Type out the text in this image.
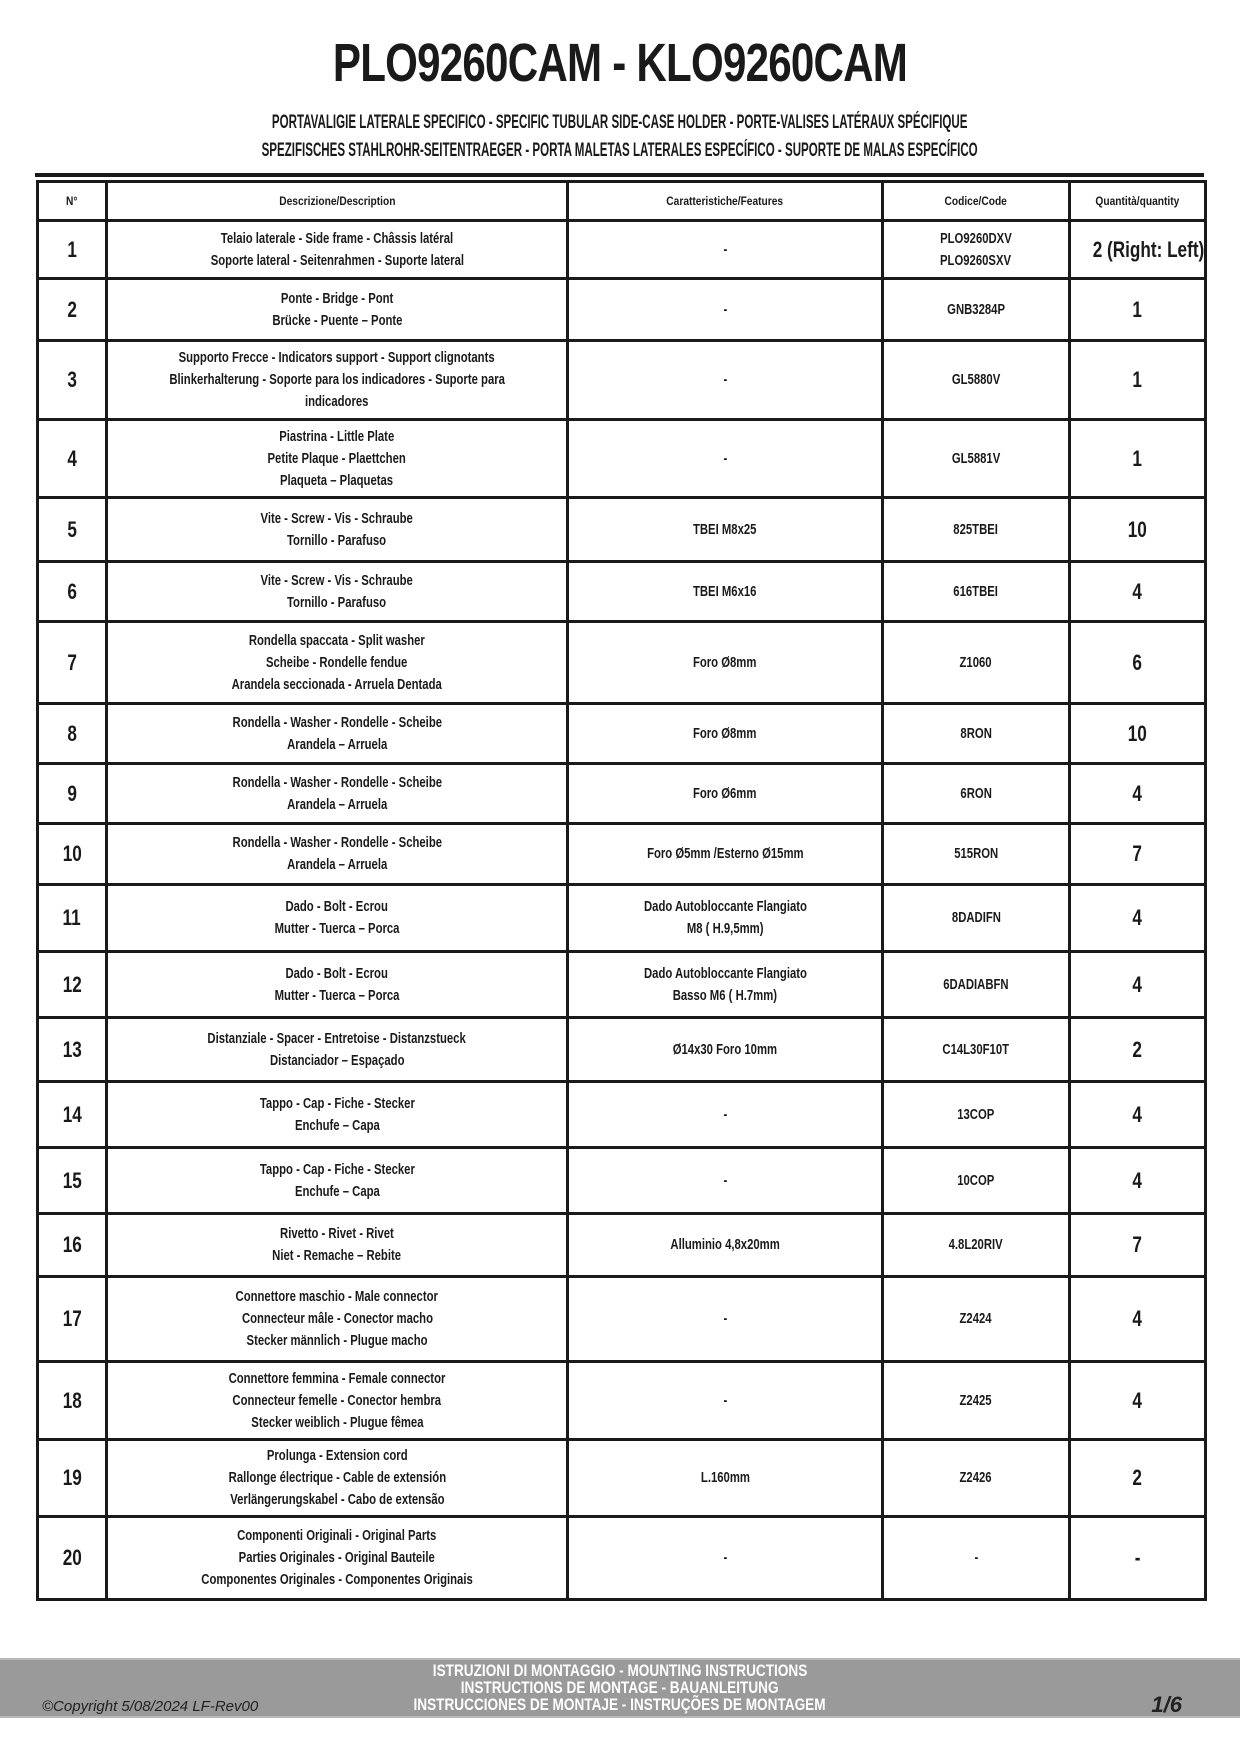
PLO9260CAM - KLO9260CAM
PORTAVALIGIE LATERALE SPECIFICO - SPECIFIC TUBULAR SIDE-CASE HOLDER - PORTE-VALISES LATÉRAUX SPÉCIFIQUE
SPEZIFISCHES STAHLROHR-SEITENTRAEGER - PORTA MALETAS LATERALES ESPECÍFICO - SUPORTE DE MALAS ESPECÍFICO
N°	Descrizione/Description	Caratteristiche/Features	Codice/Code	Quantità/quantity
1	Telaio laterale - Side frame - Châssis latéral
Soporte lateral - Seitenrahmen - Suporte lateral	-	PLO9260DXV
PLO9260SXV	2 (Right: Left)
2	Ponte - Bridge - Pont
Brücke - Puente – Ponte	-	GNB3284P	1
3	Supporto Frecce - Indicators support - Support clignotants
Blinkerhalterung - Soporte para los indicadores - Suporte para
indicadores	-	GL5880V	1
4	Piastrina - Little Plate
Petite Plaque - Plaettchen
Plaqueta – Plaquetas	-	GL5881V	1
5	Vite - Screw - Vis - Schraube
Tornillo - Parafuso	TBEI M8x25	825TBEI	10
6	Vite - Screw - Vis - Schraube
Tornillo - Parafuso	TBEI M6x16	616TBEI	4
7	Rondella spaccata - Split washer
Scheibe - Rondelle fendue
Arandela seccionada - Arruela Dentada	Foro Ø8mm	Z1060	6
8	Rondella - Washer - Rondelle - Scheibe
Arandela – Arruela	Foro Ø8mm	8RON	10
9	Rondella - Washer - Rondelle - Scheibe
Arandela – Arruela	Foro Ø6mm	6RON	4
10	Rondella - Washer - Rondelle - Scheibe
Arandela – Arruela	Foro Ø5mm /Esterno Ø15mm	515RON	7
11	Dado - Bolt - Ecrou
Mutter - Tuerca – Porca	Dado Autobloccante Flangiato
M8 ( H.9,5mm)	8DADIFN	4
12	Dado - Bolt - Ecrou
Mutter - Tuerca – Porca	Dado Autobloccante Flangiato
Basso M6 ( H.7mm)	6DADIABFN	4
13	Distanziale - Spacer - Entretoise - Distanzstueck
Distanciador – Espaçado	Ø14x30 Foro 10mm	C14L30F10T	2
14	Tappo - Cap - Fiche - Stecker
Enchufe – Capa	-	13COP	4
15	Tappo - Cap - Fiche - Stecker
Enchufe – Capa	-	10COP	4
16	Rivetto - Rivet - Rivet
Niet - Remache – Rebite	Alluminio 4,8x20mm	4.8L20RIV	7
17	Connettore maschio - Male connector
Connecteur mâle - Conector macho
Stecker männlich - Plugue macho	-	Z2424	4
18	Connettore femmina - Female connector
Connecteur femelle - Conector hembra
Stecker weiblich - Plugue fêmea	-	Z2425	4
19	Prolunga - Extension cord
Rallonge électrique - Cable de extensión
Verlängerungskabel - Cabo de extensão	L.160mm	Z2426	2
20	Componenti Originali - Original Parts
Parties Originales - Original Bauteile
Componentes Originales - Componentes Originais	-	-	-
ISTRUZIONI DI MONTAGGIO - MOUNTING INSTRUCTIONS
INSTRUCTIONS DE MONTAGE - BAUANLEITUNG
INSTRUCCIONES DE MONTAJE - INSTRUÇÕES DE MONTAGEM
©Copyright 5/08/2024 LF-Rev00	1/6
